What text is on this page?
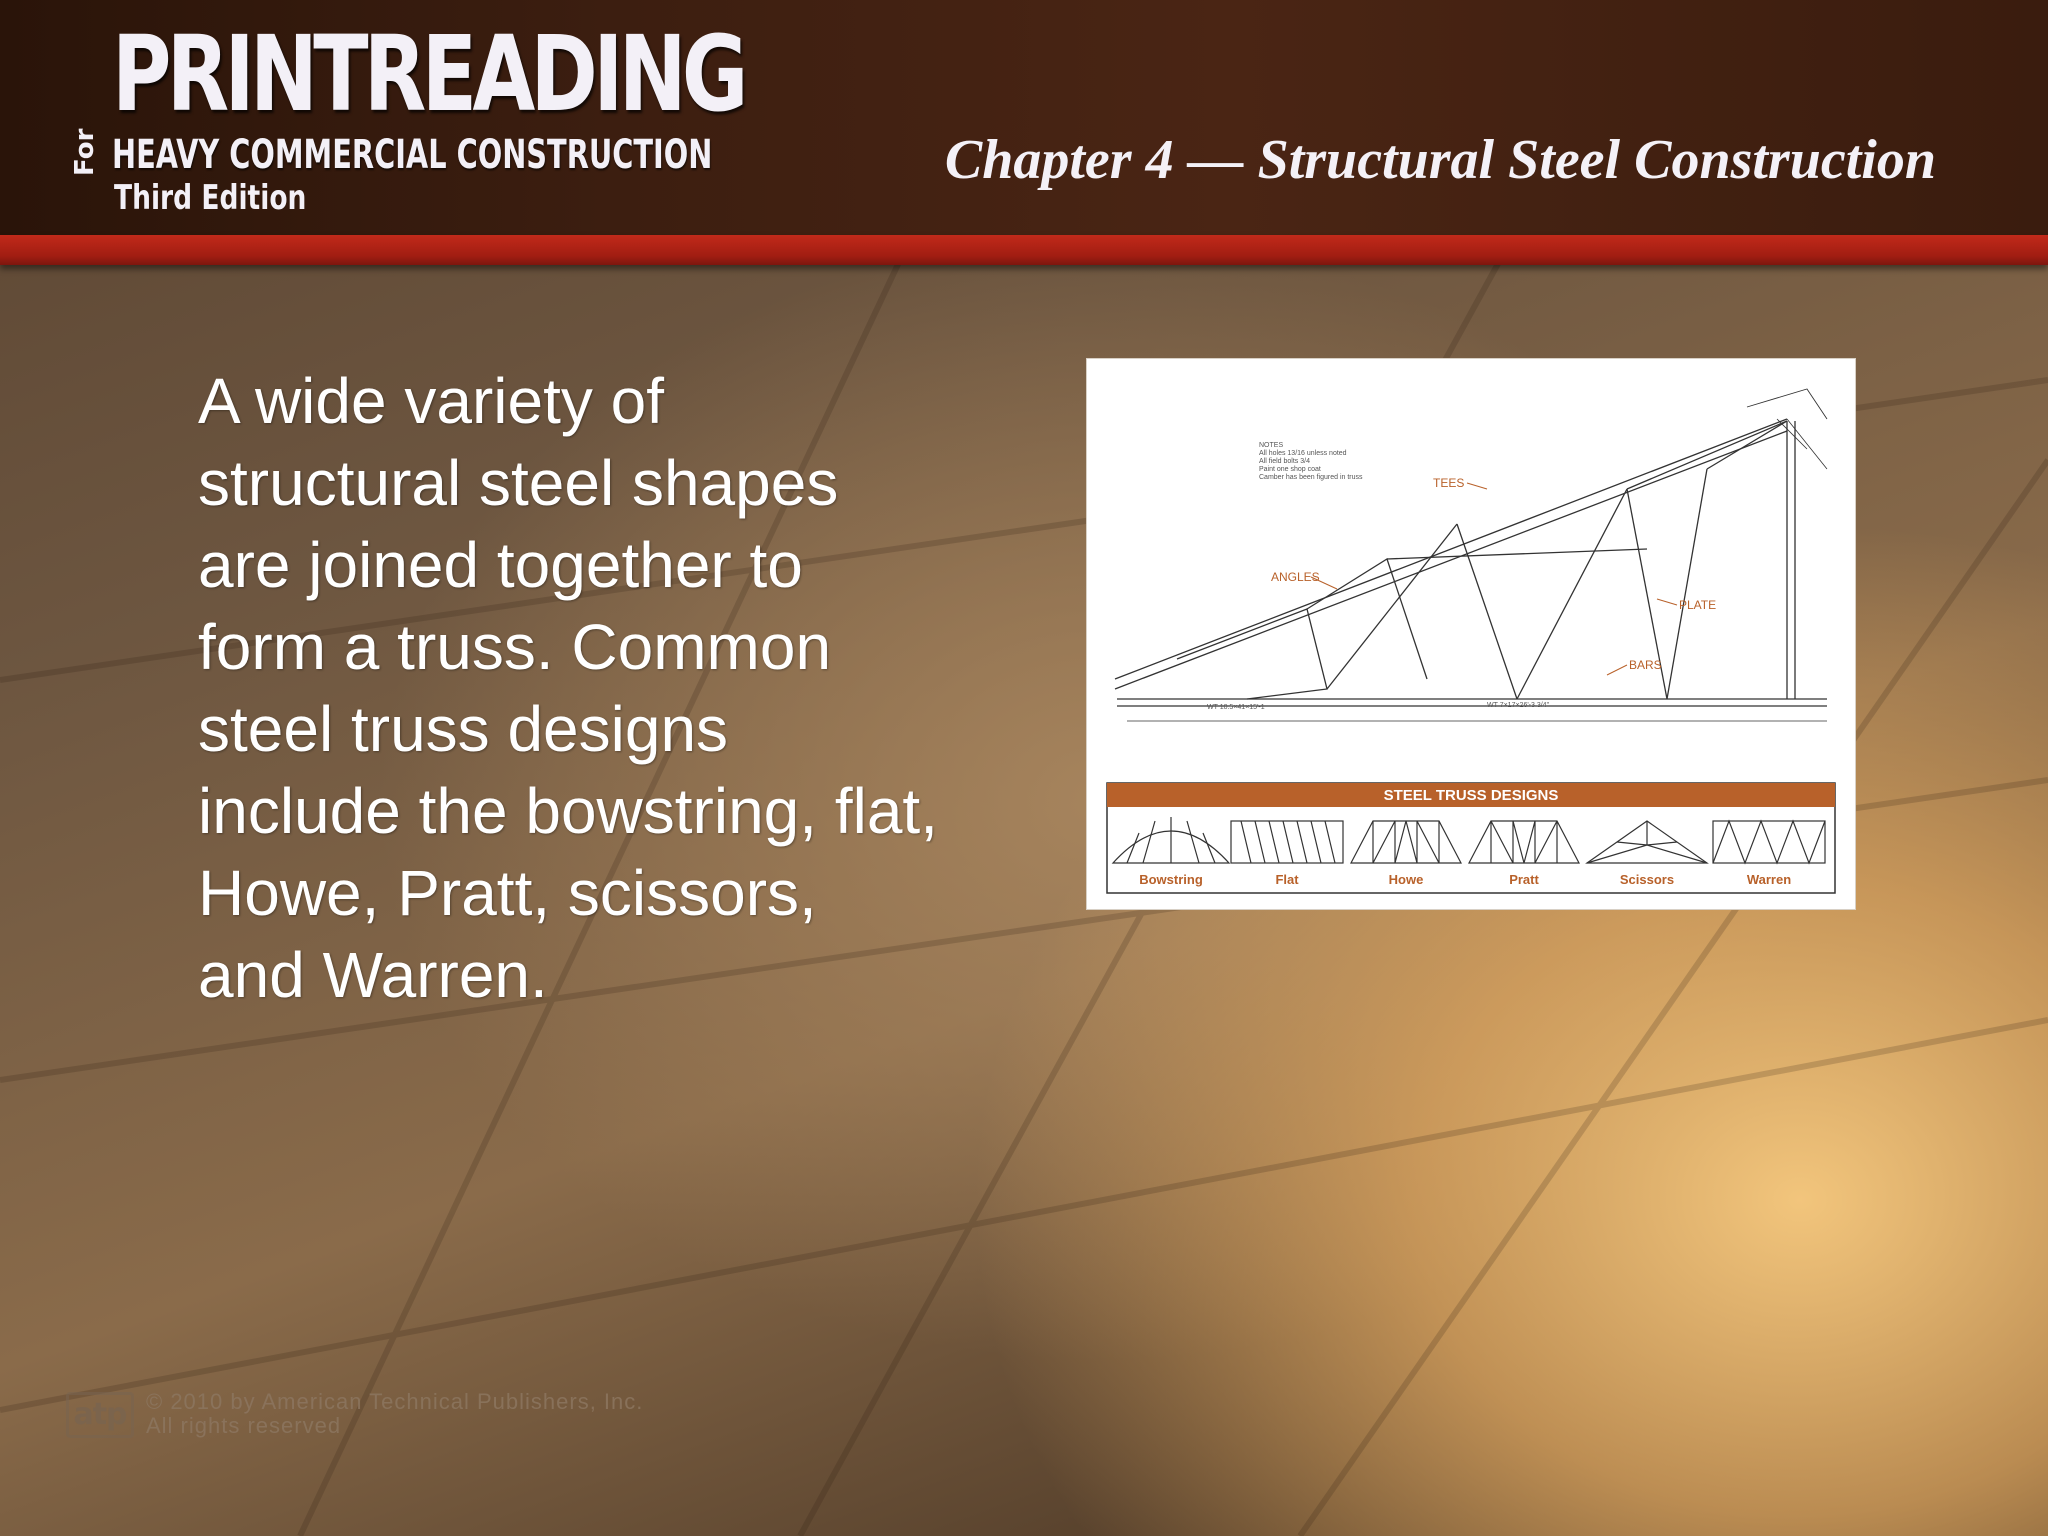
PRINTREADING

For HEAVY COMMERCIAL CONSTRUCTION

Third Edition

Chapter 4 — Structural Steel Construction

A wide variety of structural steel shapes are joined together to form a truss. Common steel truss designs include the bowstring, flat, Howe, Pratt, scissors, and Warren.

NOTES
All holes 13/16 unless noted
All field bolts 3/4
Paint one shop coat
Camber has been figured in truss
WT 10.5×41×15'-1	WT 7×17×26'-3 3/4"
TEES
ANGLES
PLATE
BARS
STEEL TRUSS DESIGNS
Bowstring	Flat	Howe	Pratt	Scissors	Warren
atp © 2010 by American Technical Publishers, Inc.
All rights reserved
